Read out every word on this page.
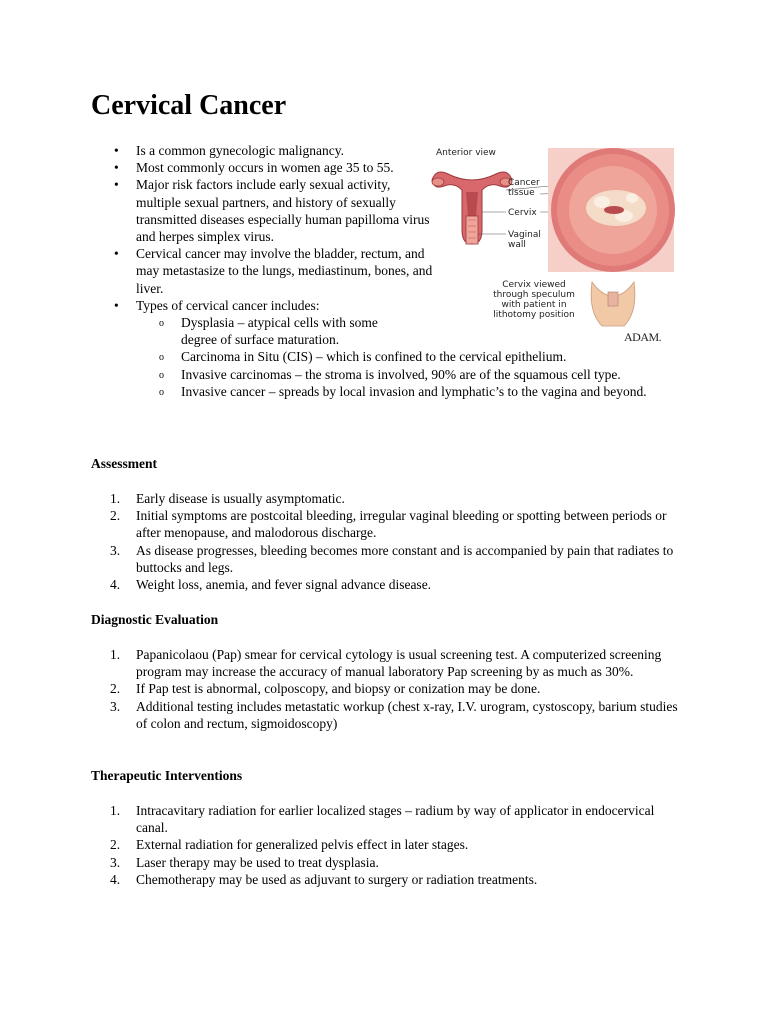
Cervical Cancer
• Is a common gynecologic malignancy.
• Most commonly occurs in women age 35 to 55.
• Major risk factors include early sexual activity, multiple sexual partners, and history of sexually transmitted diseases especially human papilloma virus and herpes simplex virus.
• Cervical cancer may involve the bladder, rectum, and may metastasize to the lungs, mediastinum, bones, and liver.
• Types of cervical cancer includes:
o Dysplasia – atypical cells with some degree of surface maturation.
o Carcinoma in Situ (CIS) – which is confined to the cervical epithelium.
o Invasive carcinomas – the stroma is involved, 90% are of the squamous cell type.
o Invasive cancer – spreads by local invasion and lymphatic’s to the vagina and beyond.
Anterior view
Cancer tissue
Cervix
Vaginal wall
Cervix viewed through speculum with patient in lithotomy position
ADAM.
Assessment
1. Early disease is usually asymptomatic.
2. Initial symptoms are postcoital bleeding, irregular vaginal bleeding or spotting between periods or after menopause, and malodorous discharge.
3. As disease progresses, bleeding becomes more constant and is accompanied by pain that radiates to buttocks and legs.
4. Weight loss, anemia, and fever signal advance disease.
Diagnostic Evaluation
1. Papanicolaou (Pap) smear for cervical cytology is usual screening test. A computerized screening program may increase the accuracy of manual laboratory Pap screening by as much as 30%.
2. If Pap test is abnormal, colposcopy, and biopsy or conization may be done.
3. Additional testing includes metastatic workup (chest x-ray, I.V. urogram, cystoscopy, barium studies of colon and rectum, sigmoidoscopy)
Therapeutic Interventions
1. Intracavitary radiation for earlier localized stages – radium by way of applicator in endocervical canal.
2. External radiation for generalized pelvis effect in later stages.
3. Laser therapy may be used to treat dysplasia.
4. Chemotherapy may be used as adjuvant to surgery or radiation treatments.
